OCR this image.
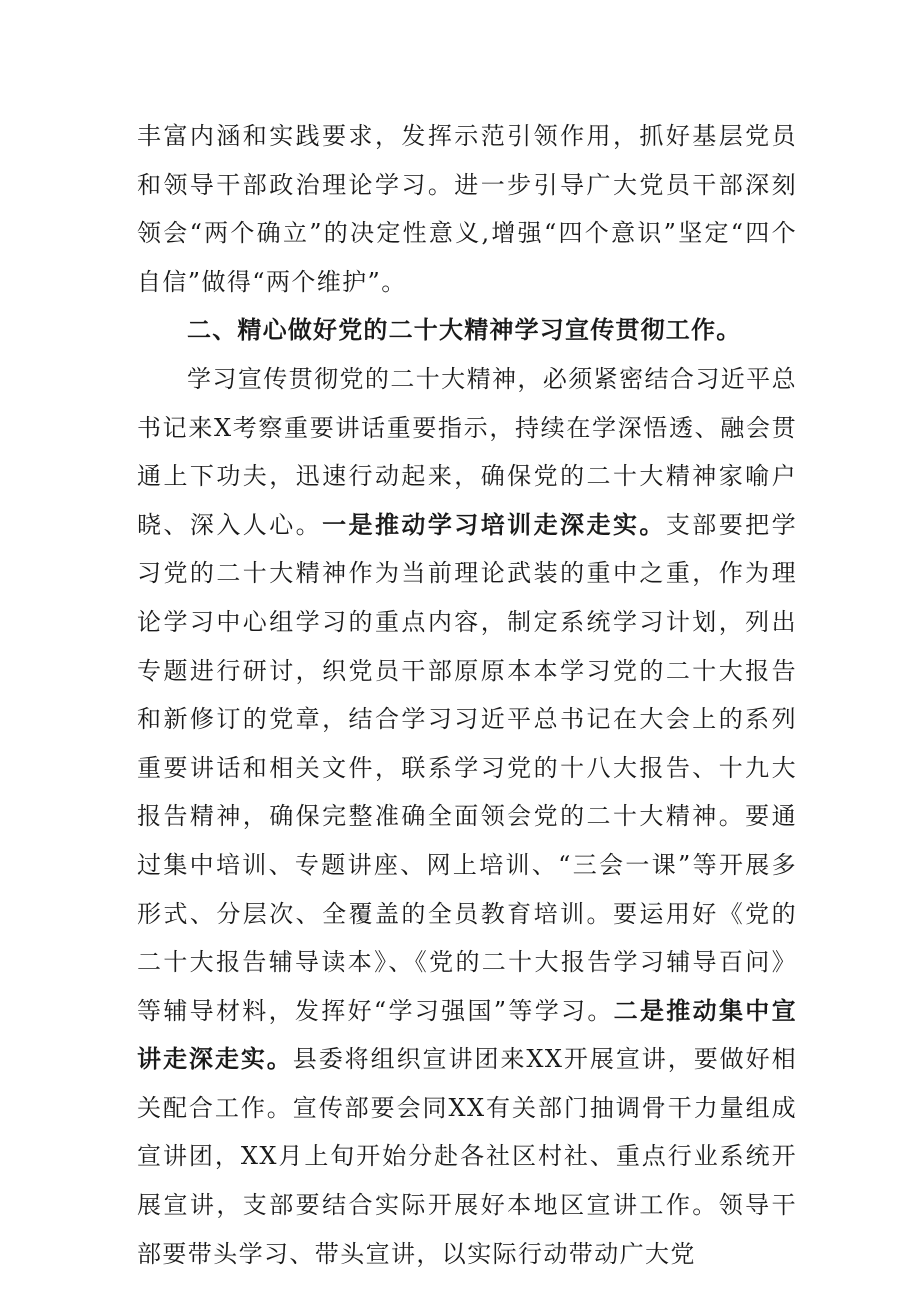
丰富内涵和实践要求，发挥示范引领作用，抓好基层党员和领导干部政治理论学习。进一步引导广大党员干部深刻领会“两个确立”的决定性意义,增强“四个意识”坚定“四个自信”做得“两个维护”。

二、精心做好党的二十大精神学习宣传贯彻工作。

学习宣传贯彻党的二十大精神，必须紧密结合习近平总书记来X考察重要讲话重要指示，持续在学深悟透、融会贯通上下功夫，迅速行动起来，确保党的二十大精神家喻户晓、深入人心。一是推动学习培训走深走实。支部要把学习党的二十大精神作为当前理论武装的重中之重，作为理论学习中心组学习的重点内容，制定系统学习计划，列出专题进行研讨，织党员干部原原本本学习党的二十大报告和新修订的党章，结合学习习近平总书记在大会上的系列重要讲话和相关文件，联系学习党的十八大报告、十九大报告精神，确保完整准确全面领会党的二十大精神。要通过集中培训、专题讲座、网上培训、“三会一课”等开展多形式、分层次、全覆盖的全员教育培训。要运用好《党的二十大报告辅导读本》、《党的二十大报告学习辅导百问》等辅导材料，发挥好“学习强国”等学习。二是推动集中宣讲走深走实。县委将组织宣讲团来XX开展宣讲，要做好相关配合工作。宣传部要会同XX有关部门抽调骨干力量组成宣讲团，XX月上旬开始分赴各社区村社、重点行业系统开展宣讲，支部要结合实际开展好本地区宣讲工作。领导干部要带头学习、带头宣讲，以实际行动带动广大党
